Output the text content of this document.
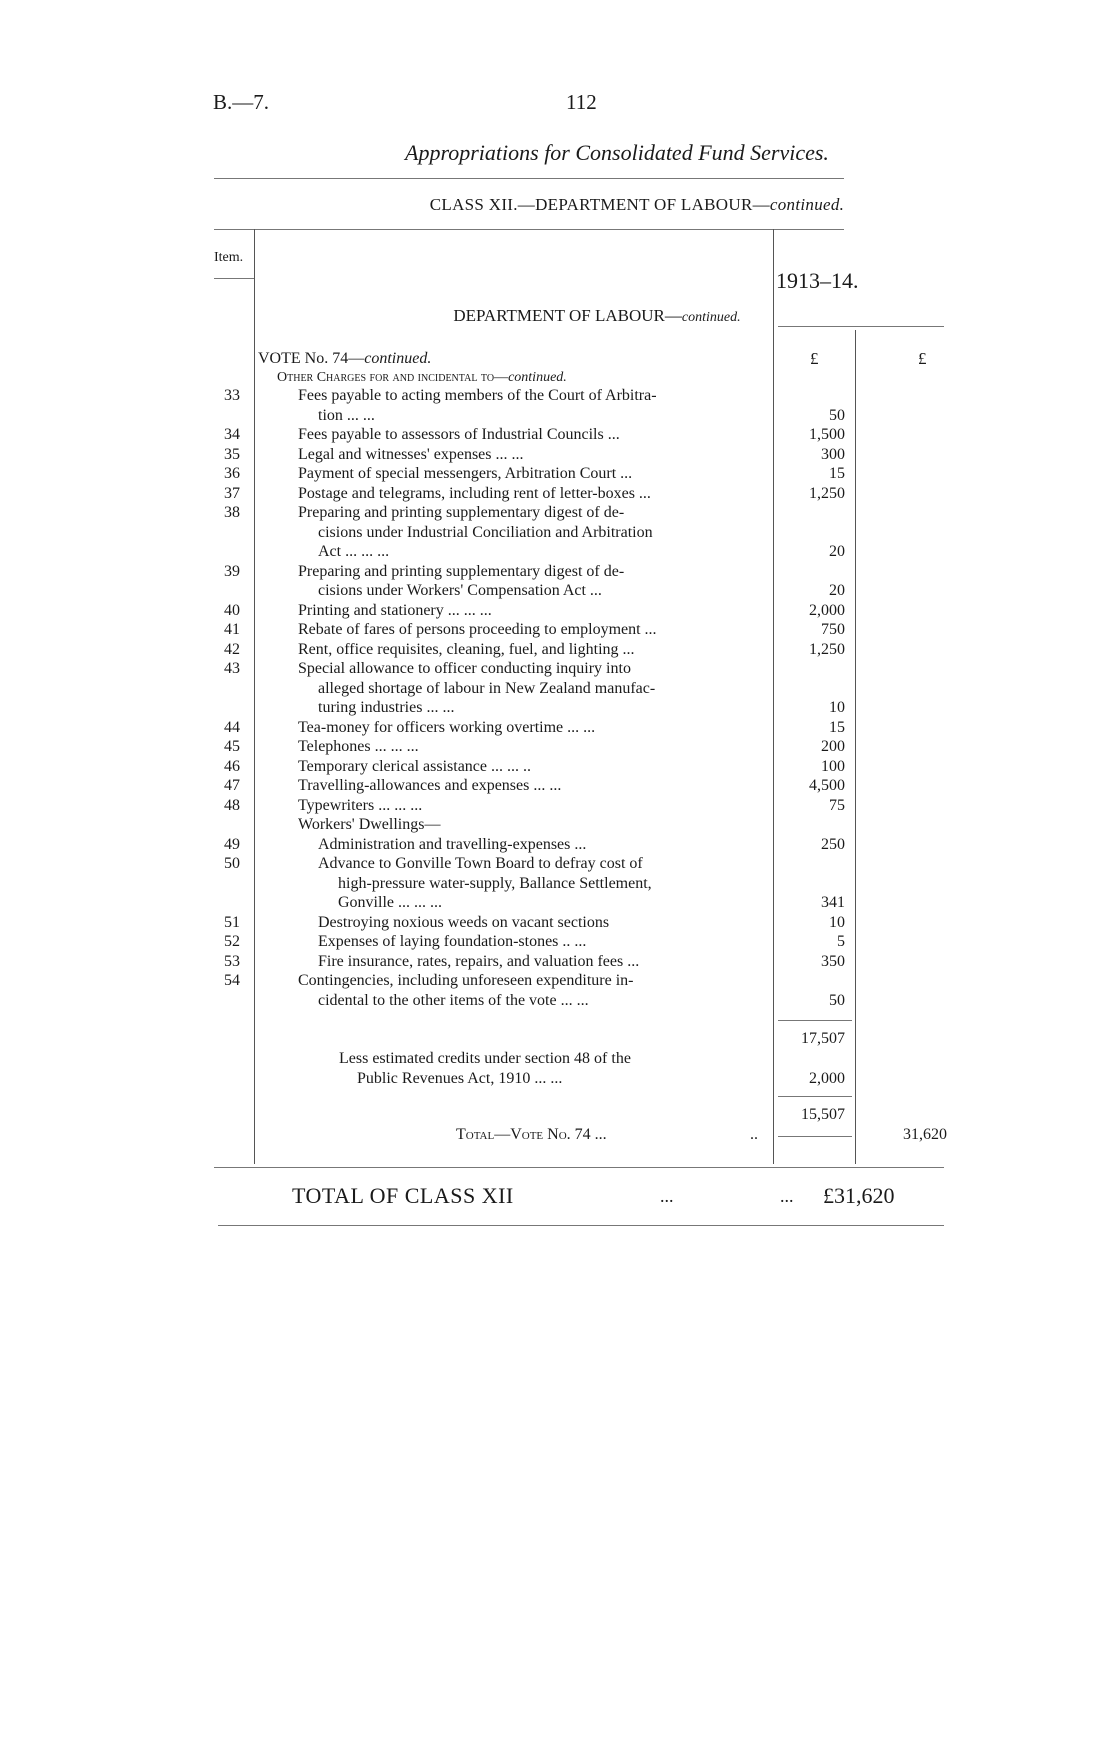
B.—7.	112
Appropriations for Consolidated Fund Services.
CLASS XII.—DEPARTMENT OF LABOUR—continued.
Item.
1913–14.
DEPARTMENT OF LABOUR—continued.
£	£
VOTE No. 74—continued.
Other Charges for and incidental to—continued.
33	Fees payable to acting members of the Court of Arbitra-
tion ... ...	50
34	Fees payable to assessors of Industrial Councils ...	1,500
35	Legal and witnesses' expenses ... ...	300
36	Payment of special messengers, Arbitration Court ...	15
37	Postage and telegrams, including rent of letter-boxes ...	1,250
38	Preparing and printing supplementary digest of de-
cisions under Industrial Conciliation and Arbitration
Act ... ... ...	20
39	Preparing and printing supplementary digest of de-
cisions under Workers' Compensation Act ...	20
40	Printing and stationery ... ... ...	2,000
41	Rebate of fares of persons proceeding to employment ...	750
42	Rent, office requisites, cleaning, fuel, and lighting ...	1,250
43	Special allowance to officer conducting inquiry into
alleged shortage of labour in New Zealand manufac-
turing industries ... ...	10
44	Tea-money for officers working overtime ... ...	15
45	Telephones ... ... ...	200
46	Temporary clerical assistance ... ... ..	100
47	Travelling-allowances and expenses ... ...	4,500
48	Typewriters ... ... ...	75
Workers' Dwellings—
49	Administration and travelling-expenses ...	250
50	Advance to Gonville Town Board to defray cost of
high-pressure water-supply, Ballance Settlement,
Gonville ... ... ...	341
51	Destroying noxious weeds on vacant sections	10
52	Expenses of laying foundation-stones .. ...	5
53	Fire insurance, rates, repairs, and valuation fees ...	350
54	Contingencies, including unforeseen expenditure in-
cidental to the other items of the vote ... ...	50
17,507
Less estimated credits under section 48 of the
Public Revenues Act, 1910 ... ...	2,000
15,507
Total—Vote No. 74 ...	..	31,620
TOTAL OF CLASS XII	...	... £31,620
